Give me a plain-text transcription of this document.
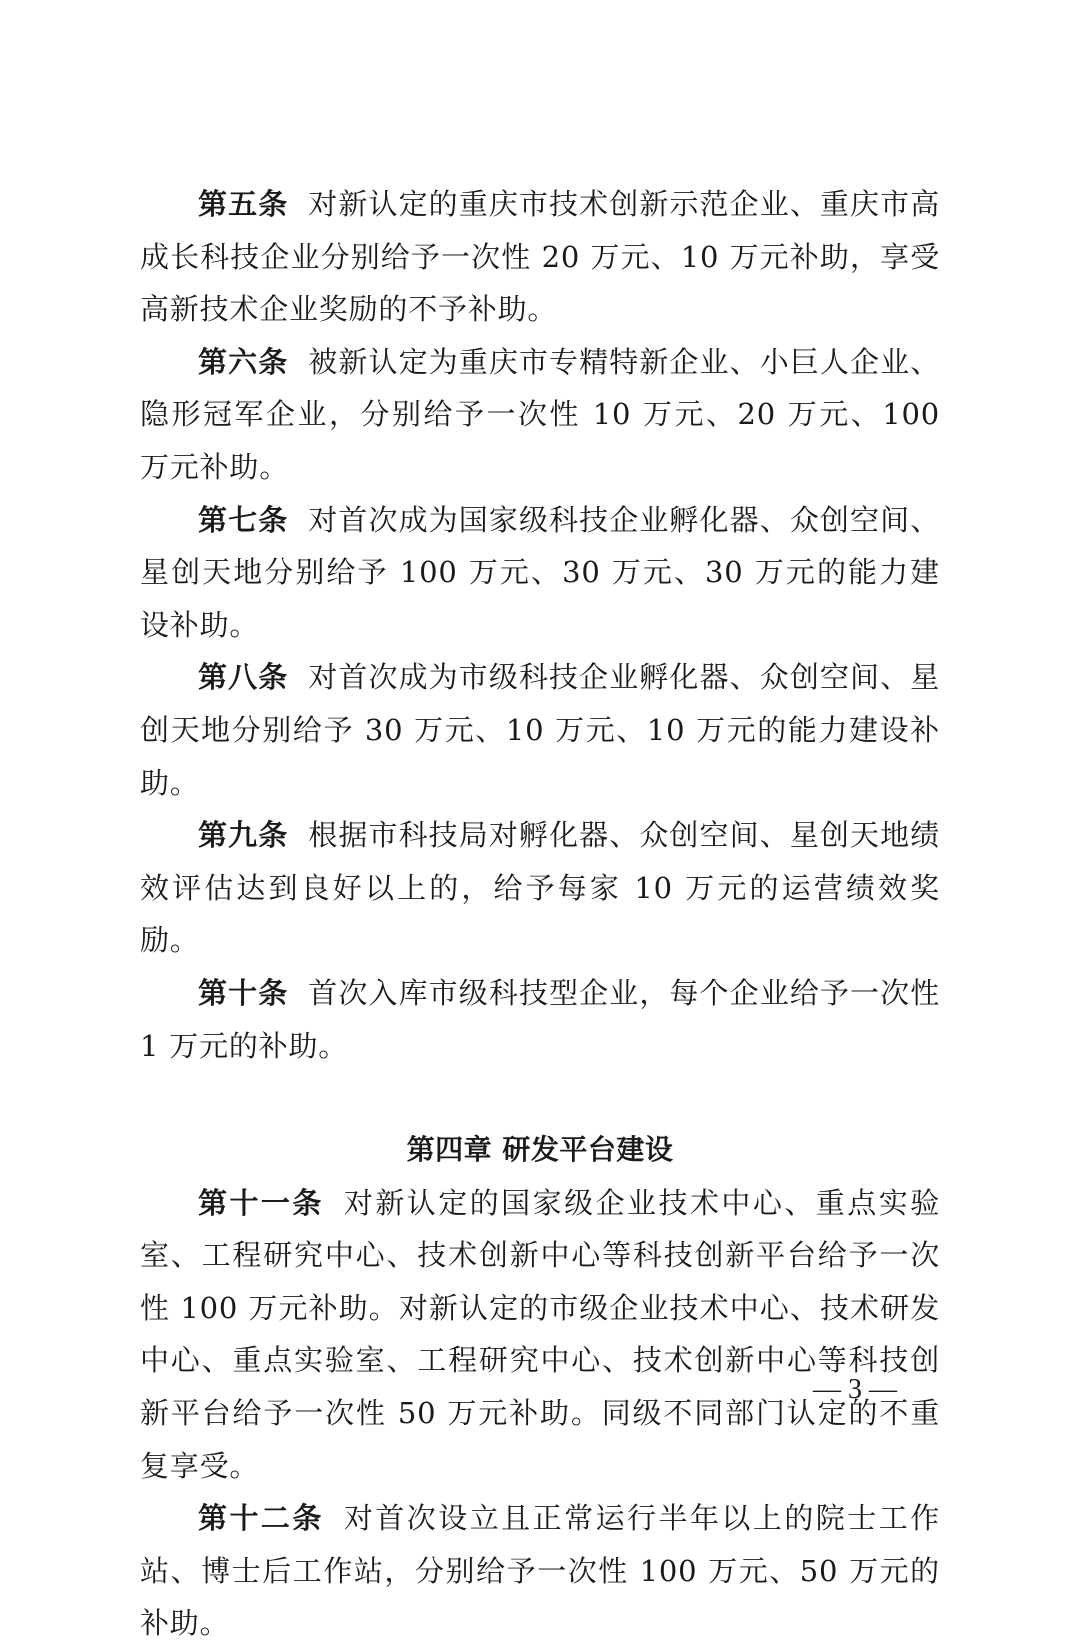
第五条 对新认定的重庆市技术创新示范企业、重庆市高成长科技企业分别给予一次性 20 万元、10 万元补助，享受高新技术企业奖励的不予补助。

第六条 被新认定为重庆市专精特新企业、小巨人企业、隐形冠军企业，分别给予一次性 10 万元、20 万元、100 万元补助。

第七条 对首次成为国家级科技企业孵化器、众创空间、星创天地分别给予 100 万元、30 万元、30 万元的能力建设补助。

第八条 对首次成为市级科技企业孵化器、众创空间、星创天地分别给予 30 万元、10 万元、10 万元的能力建设补助。

第九条 根据市科技局对孵化器、众创空间、星创天地绩效评估达到良好以上的，给予每家 10 万元的运营绩效奖励。

第十条 首次入库市级科技型企业，每个企业给予一次性 1 万元的补助。

第四章 研发平台建设

第十一条 对新认定的国家级企业技术中心、重点实验室、工程研究中心、技术创新中心等科技创新平台给予一次性 100 万元补助。对新认定的市级企业技术中心、技术研发中心、重点实验室、工程研究中心、技术创新中心等科技创新平台给予一次性 50 万元补助。同级不同部门认定的不重复享受。

第十二条 对首次设立且正常运行半年以上的院士工作站、博士后工作站，分别给予一次性 100 万元、50 万元的补助。

— 3 —
